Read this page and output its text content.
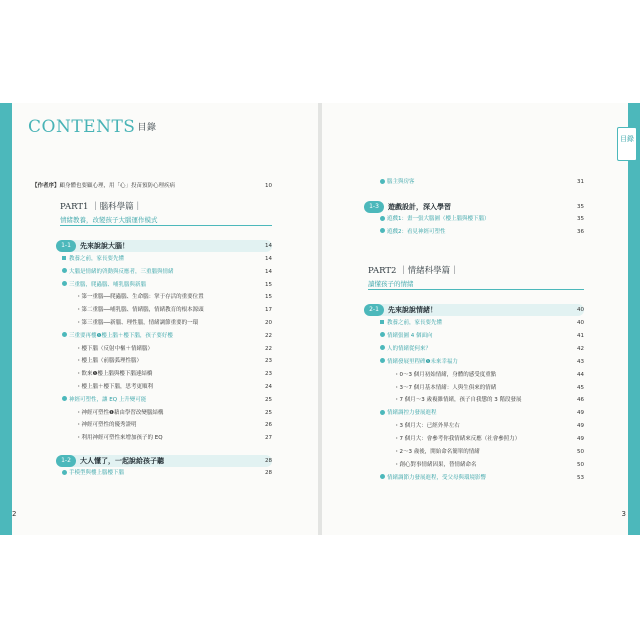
CONTENTS 目錄
【作者序】顧身體也要顧心理，用「心」投苗預防心理疾病	10
PART1 ｜腦科學篇｜
情緒教養，改變孩子大腦運作模式
1-1	先來說說大腦！	14
教養之前，家長要先懂	14
大腦是情緒的啓動與反應者，三重腦與情緒	14
三重腦，爬蟲腦、哺乳腦與新腦	15
・第一重腦──爬蟲腦、生命腦：掌于存活的重要位置	15
・第二重腦──哺乳腦、情緒腦，情緒教育的根本源頭	17
・第三重腦──新腦、理性腦，情緒調節重要的一環	20
三重要再樓❶樓上腦＋樓下腦，孩子要好樓	22
・樓下腦（反射中樞＋情緒腦）	22
・樓上腦（前腦弧理性腦）	23
・飲來❶樓上腦與樓下腦連結橋	23
・樓上腦＋樓下腦，思考更順利	24
神經可塑性，讓 EQ 上升變可能	25
・神經可塑性❶藉由學習改變腦結構	25
・神經可塑性的優秀證明	26
・利用神經可塑性來增加孩子的 EQ	27
1-2	大人懂了，一起說給孩子聽	28
手模型與樓上腦樓下腦	28
2
目錄
腦主與房客	31
1-3	遊戲設計，深入學習	35
遊戲1：畫一張大腦圖（樓上腦與樓下腦）	35
遊戲2：看見神經可塑性	36
PART2 ｜情緒科學篇｜
讀懂孩子的情緒
2-1	先來說說情緒！	40
教養之前，家長要先懂	40
情緒張圖 4 個面向	41
人的情緒從何來？	42
情緒發展里程碑❶未來幸福力	43
・0～3 個月初始情緒，身體的感受度重點	44
・3～7 個月基本情緒：人與生俱來的情緒	45
・7 個月～3 歲複雜情緒，孩子自我懲的 3 階段發展	46
情緒調控力發展進程	49
・3 個月大：已經外界左右	49
・7 個月大：會參考你我情緒來反應（社會參照力）	49
・2～3 歲後，開始命名簡單的情緒	50
・創心對事情緒因果，替情緒命名	50
情緒調節力發展進程，受父母與環境影響	53
3
